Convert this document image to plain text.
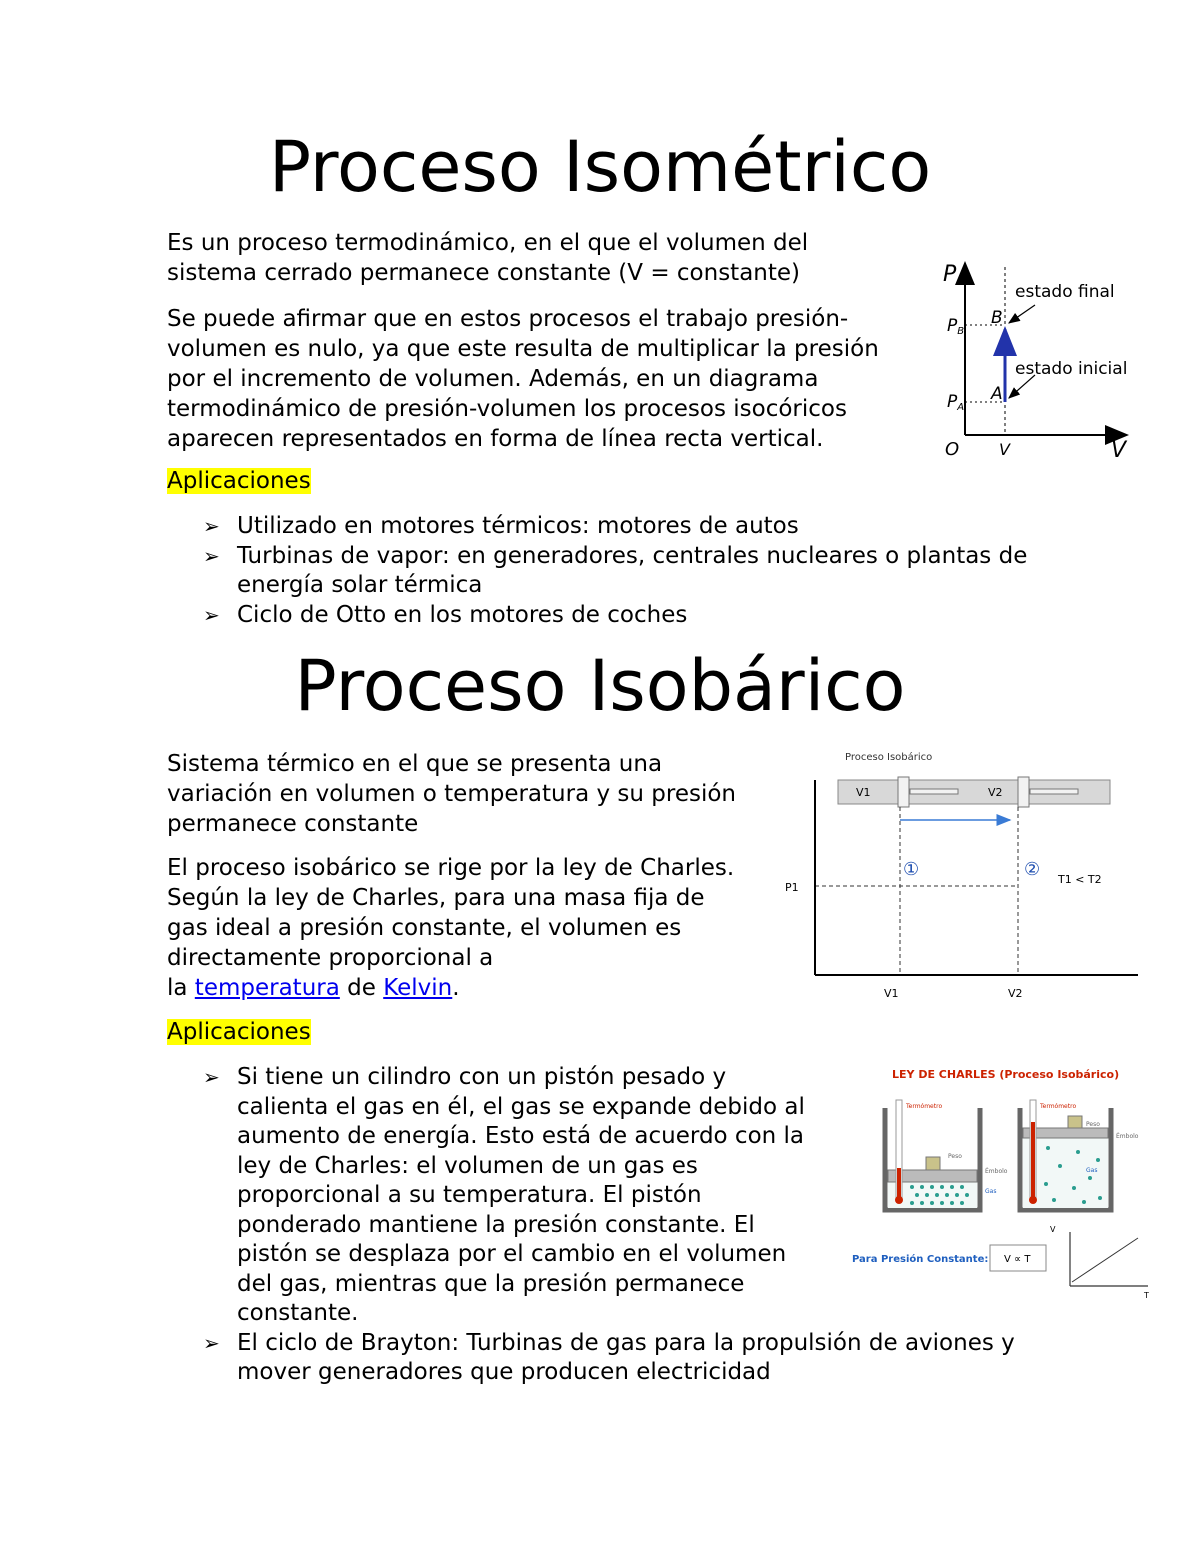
Proceso Isométrico
Es un proceso termodinámico, en el que el volumen del sistema cerrado permanece constante (V = constante)
Se puede afirmar que en estos procesos el trabajo presión-volumen es nulo, ya que este resulta de multiplicar la presión por el incremento de volumen. Además, en un diagrama termodinámico de presión-volumen los procesos isocóricos aparecen representados en forma de línea recta vertical.
P
V
O V
PB
PA
B
A
estado final
estado inicial
Aplicaciones
➢ Utilizado en motores térmicos: motores de autos
➢ Turbinas de vapor: en generadores, centrales nucleares o plantas de energía solar térmica
➢ Ciclo de Otto en los motores de coches
Proceso Isobárico
Sistema térmico en el que se presenta una variación en volumen o temperatura y su presión permanece constante
El proceso isobárico se rige por la ley de Charles.
Según la ley de Charles, para una masa fija de
gas ideal a presión constante, el volumen es
directamente proporcional a
la temperatura de Kelvin.
Proceso Isobárico
V1	V2
①	② T1 < T2
P1
V1	V2
Aplicaciones
➢ Si tiene un cilindro con un pistón pesado y calienta el gas en él, el gas se expande debido al aumento de energía. Esto está de acuerdo con la ley de Charles: el volumen de un gas es proporcional a su temperatura. El pistón ponderado mantiene la presión constante. El pistón se desplaza por el cambio en el volumen del gas, mientras que la presión permanece constante.
➢ El ciclo de Brayton: Turbinas de gas para la propulsión de aviones y mover generadores que producen electricidad
LEY DE CHARLES (Proceso Isobárico)
Termómetro
Peso
Émbolo
Gas
Termómetro
Peso
Émbolo
Gas
Para Presión Constante: V ∝ T
V
T
